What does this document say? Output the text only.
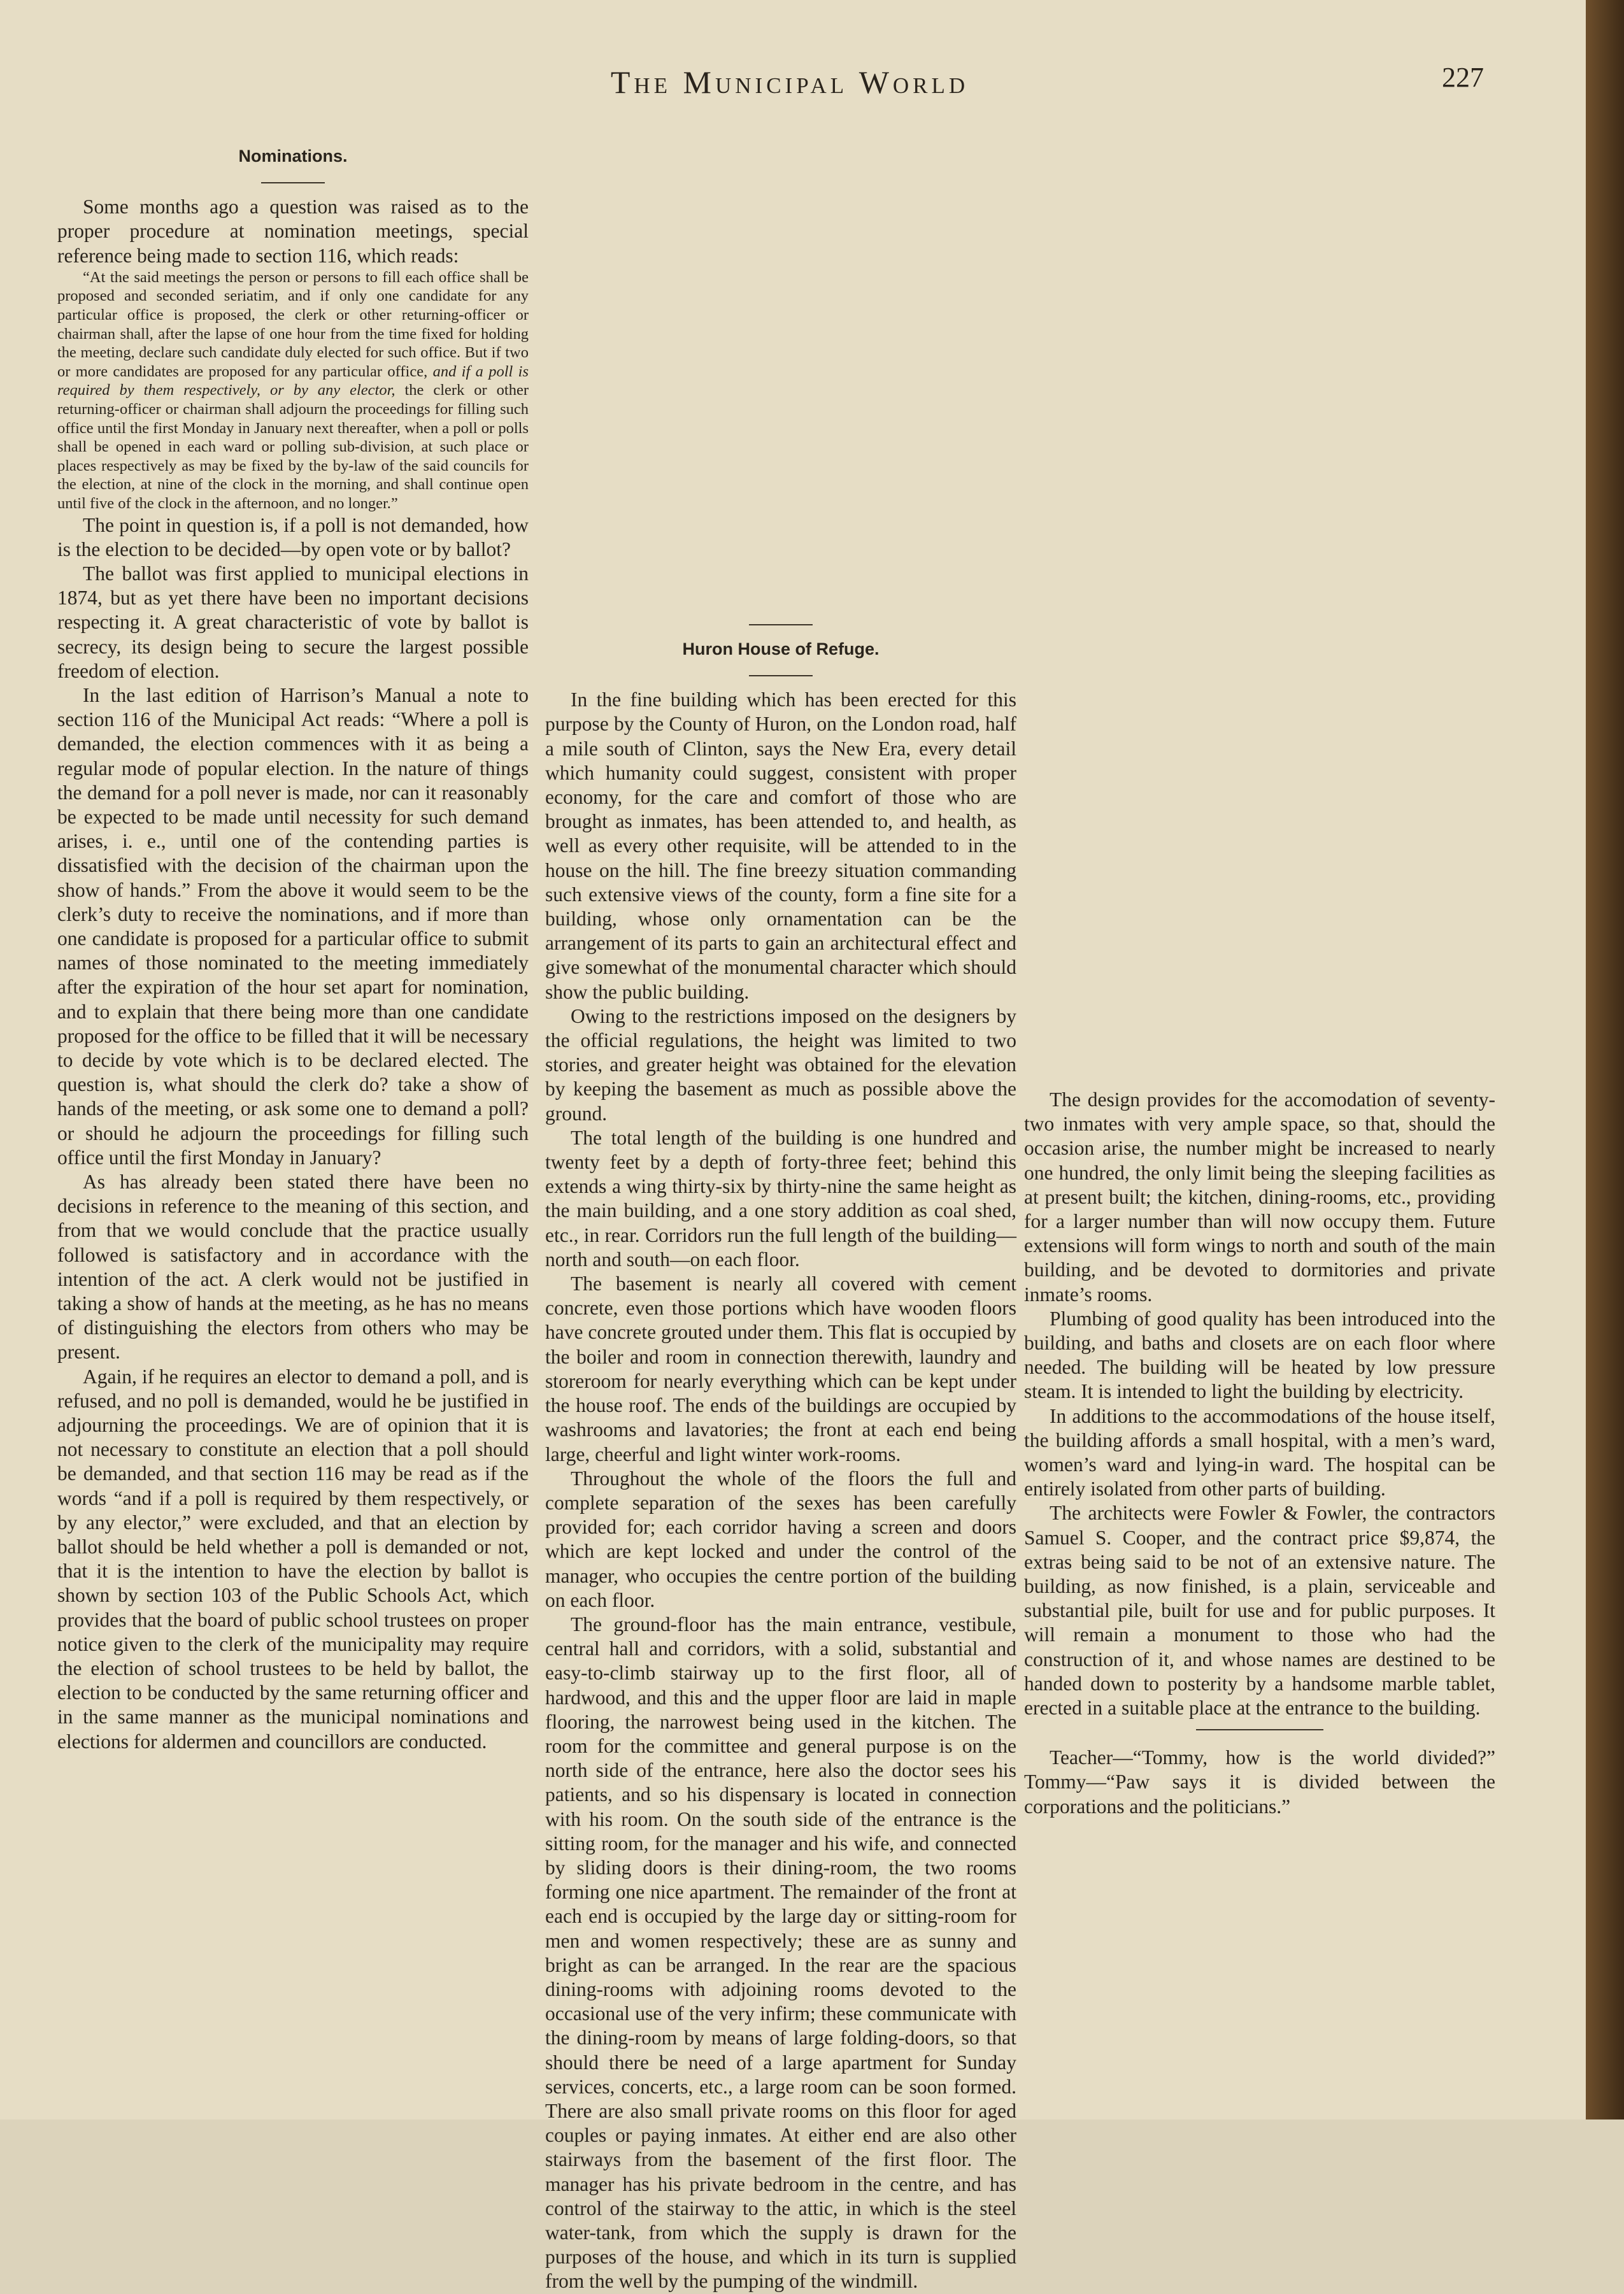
The Municipal World	227
Nominations.

Some months ago a question was raised as to the proper procedure at nomination meetings, special reference being made to section 116, which reads:

“At the said meetings the person or persons to fill each office shall be proposed and seconded seriatim, and if only one candidate for any particular office is proposed, the clerk or other returning-officer or chairman shall, after the lapse of one hour from the time fixed for holding the meeting, declare such candidate duly elected for such office. But if two or more candidates are proposed for any particular office, and if a poll is required by them respectively, or by any elector, the clerk or other returning-officer or chairman shall adjourn the proceedings for filling such office until the first Monday in January next thereafter, when a poll or polls shall be opened in each ward or polling sub-division, at such place or places respectively as may be fixed by the by-law of the said councils for the election, at nine of the clock in the morning, and shall continue open until five of the clock in the afternoon, and no longer.”

The point in question is, if a poll is not demanded, how is the election to be decided—by open vote or by ballot?

The ballot was first applied to municipal elections in 1874, but as yet there have been no important decisions respecting it. A great characteristic of vote by ballot is secrecy, its design being to secure the largest possible freedom of election.

In the last edition of Harrison’s Manual a note to section 116 of the Municipal Act reads: “Where a poll is demanded, the election commences with it as being a regular mode of popular election. In the nature of things the demand for a poll never is made, nor can it reasonably be expected to be made until necessity for such demand arises, i. e., until one of the contending parties is dissatisfied with the decision of the chairman upon the show of hands.” From the above it would seem to be the clerk’s duty to receive the nominations, and if more than one candidate is proposed for a particular office to submit names of those nominated to the meeting immediately after the expiration of the hour set apart for nomination, and to explain that there being more than one candidate proposed for the office to be filled that it will be necessary to decide by vote which is to be declared elected. The question is, what should the clerk do? take a show of hands of the meeting, or ask some one to demand a poll? or should he adjourn the proceedings for filling such office until the first Monday in January?

As has already been stated there have been no decisions in reference to the meaning of this section, and from that we would conclude that the practice usually followed is satisfactory and in accordance with the intention of the act. A clerk would not be justified in taking a show of hands at the meeting, as he has no means of distinguishing the electors from others who may be present.

Again, if he requires an elector to demand a poll, and is refused, and no poll is demanded, would he be justified in adjourning the proceedings. We are of opinion that it is not necessary to constitute an election that a poll should be demanded, and that section 116 may be read as if the words “and if a poll is required by them respectively, or by any elector,” were excluded, and that an election by ballot should be held whether a poll is demanded or not, that it is the intention to have the election by ballot is shown by section 103 of the Public Schools Act, which provides that the board of public school trustees on proper notice given to the clerk of the municipality may require the election of school trustees to be held by ballot, the election to be conducted by the same returning officer and in the same manner as the municipal nominations and elections for aldermen and councillors are conducted.

Huron House of Refuge.

In the fine building which has been erected for this purpose by the County of Huron, on the London road, half a mile south of Clinton, says the New Era, every detail which humanity could suggest, consistent with proper economy, for the care and comfort of those who are brought as inmates, has been attended to, and health, as well as every other requisite, will be attended to in the house on the hill. The fine breezy situation commanding such extensive views of the county, form a fine site for a building, whose only ornamentation can be the arrangement of its parts to gain an architectural effect and give somewhat of the monumental character which should show the public building.

Owing to the restrictions imposed on the designers by the official regulations, the height was limited to two stories, and greater height was obtained for the elevation by keeping the basement as much as possible above the ground.

The total length of the building is one hundred and twenty feet by a depth of forty-three feet; behind this extends a wing thirty-six by thirty-nine the same height as the main building, and a one story addition as coal shed, etc., in rear. Corridors run the full length of the building—north and south—on each floor.

The basement is nearly all covered with cement concrete, even those portions which have wooden floors have concrete grouted under them. This flat is occupied by the boiler and room in connection therewith, laundry and storeroom for nearly everything which can be kept under the house roof. The ends of the buildings are occupied by washrooms and lavatories; the front at each end being large, cheerful and light winter work-rooms.

Throughout the whole of the floors the full and complete separation of the sexes has been carefully provided for; each corridor having a screen and doors which are kept locked and under the control of the manager, who occupies the centre portion of the building on each floor.

The ground-floor has the main entrance, vestibule, central hall and corridors, with a solid, substantial and easy-to-climb stairway up to the first floor, all of hardwood, and this and the upper floor are laid in maple flooring, the narrowest being used in the kitchen. The room for the committee and general purpose is on the north side of the entrance, here also the doctor sees his patients, and so his dispensary is located in connection with his room. On the south side of the entrance is the sitting room, for the manager and his wife, and connected by sliding doors is their dining-room, the two rooms forming one nice apartment. The remainder of the front at each end is occupied by the large day or sitting-room for men and women respectively; these are as sunny and bright as can be arranged. In the rear are the spacious dining-rooms with adjoining rooms devoted to the occasional use of the very infirm; these communicate with the dining-room by means of large folding-doors, so that should there be need of a large apartment for Sunday services, concerts, etc., a large room can be soon formed. There are also small private rooms on this floor for aged couples or paying inmates. At either end are also other stairways from the basement of the first floor. The manager has his private bedroom in the centre, and has control of the stairway to the attic, in which is the steel water-tank, from which the supply is drawn for the purposes of the house, and which in its turn is supplied from the well by the pumping of the windmill.

The design provides for the accomodation of seventy-two inmates with very ample space, so that, should the occasion arise, the number might be increased to nearly one hundred, the only limit being the sleeping facilities as at present built; the kitchen, dining-rooms, etc., providing for a larger number than will now occupy them. Future extensions will form wings to north and south of the main building, and be devoted to dormitories and private inmate’s rooms.

Plumbing of good quality has been introduced into the building, and baths and closets are on each floor where needed. The building will be heated by low pressure steam. It is intended to light the building by electricity.

In additions to the accommodations of the house itself, the building affords a small hospital, with a men’s ward, women’s ward and lying-in ward. The hospital can be entirely isolated from other parts of building.

The architects were Fowler & Fowler, the contractors Samuel S. Cooper, and the contract price $9,874, the extras being said to be not of an extensive nature. The building, as now finished, is a plain, serviceable and substantial pile, built for use and for public purposes. It will remain a monument to those who had the construction of it, and whose names are destined to be handed down to posterity by a handsome marble tablet, erected in a suitable place at the entrance to the building.

Teacher—“Tommy, how is the world divided?” Tommy—“Paw says it is divided between the corporations and the politicians.”
